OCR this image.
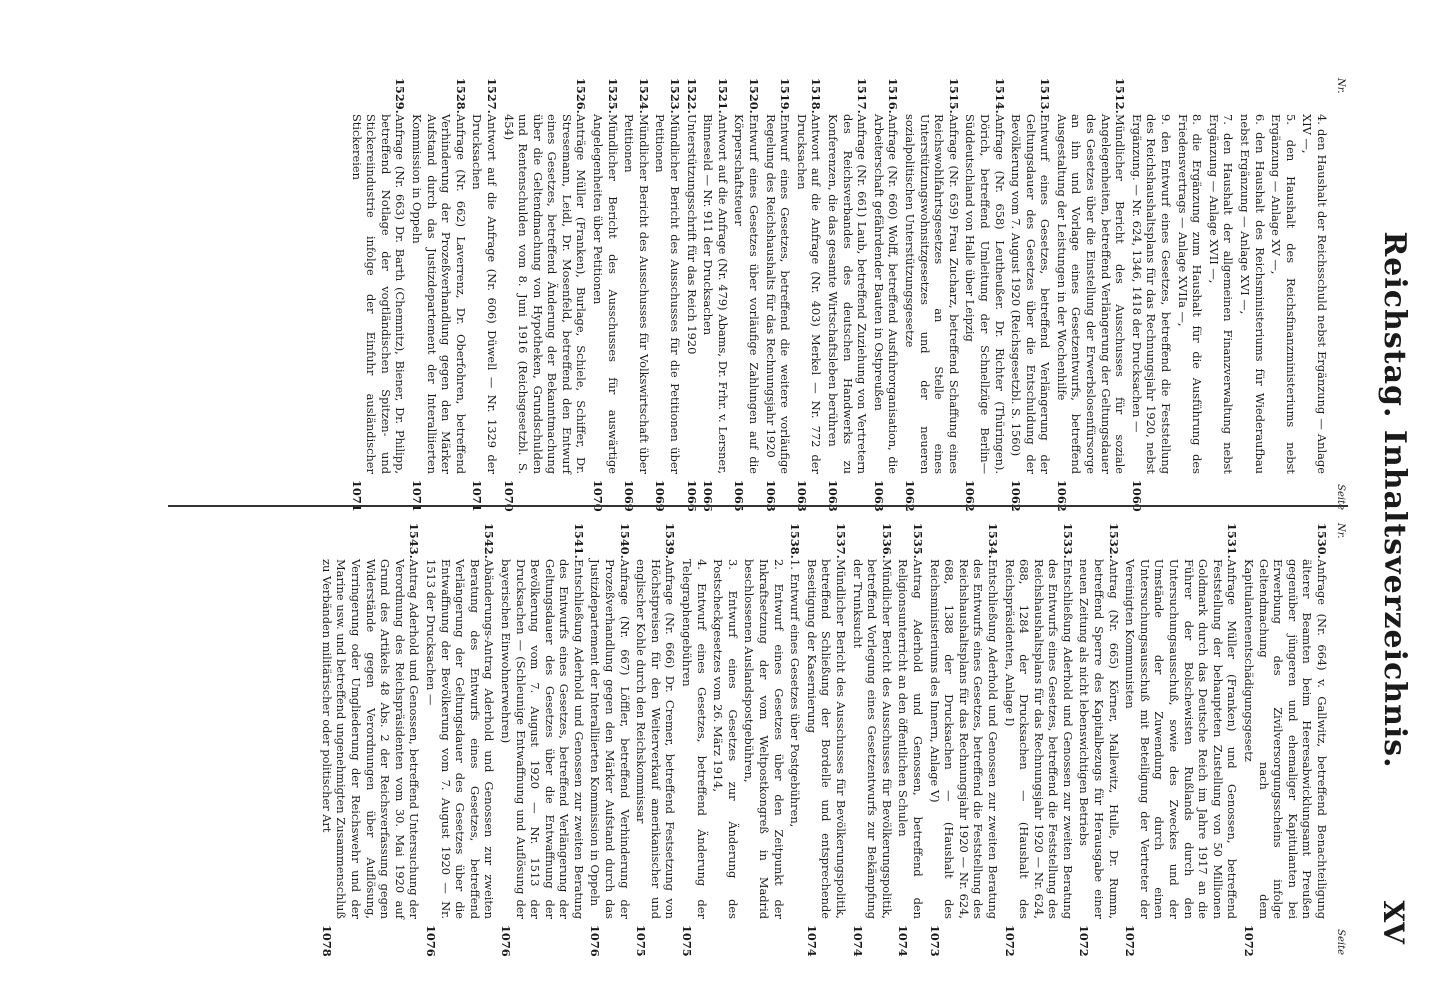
Reichstag. Inhaltsverzeichnis.
XV
Nr.
Seite
4. den Haushalt der Reichsschuld nebst Ergänzung — Anlage XIV —,
5. den Haushalt des Reichsfinanzministeriums nebst Ergänzung — Anlage XV —,
6. den Haushalt des Reichsministeriums für Wiederaufbau nebst Ergänzung — Anlage XVI —,
7. den Haushalt der allgemeinen Finanzverwaltung nebst Ergänzung — Anlage XVII —,
8. die Ergänzung zum Haushalt für die Ausführung des Friedensvertrags — Anlage XVIIa —,
9. den Entwurf eines Gesetzes, betreffend die Feststellung des Reichshaushaltsplans für das Rechnungsjahr 1920, nebst Ergänzung. — Nr. 624, 1346, 1418 der Drucksachen —
1060
1512.
Mündlicher Bericht des Ausschusses für soziale Angelegenheiten, betreffend Verlängerung der Geltungsdauer des Gesetzes über die Einstellung der Erwerbslosenfürsorge an ihn und Vorlage eines Gesetzentwurfs, betreffend Ausgestaltung der Leistungen in der Wochenhilfe
1062
1513.
Entwurf eines Gesetzes, betreffend Verlängerung der Geltungsdauer des Gesetzes über die Entschuldung der Bevölkerung vom 7. August 1920 (Reichsgesetzbl. S. 1560)
1062
1514.
Anfrage (Nr. 658) Leutheußer. Dr. Richter (Thüringen). Dörich, betreffend Umleitung der Schnellzüge Berlin—Süddeutschland von Halle über Leipzig
1062
1515.
Anfrage (Nr. 659) Frau Zucharz, betreffend Schaffung eines Reichswohlfahrtsgesetzes an Stelle eines Unterstützungswohnsitzgesetzes und der neueren sozialpolitischen Unterstützungsgesetze
1062
1516.
Anfrage (Nr. 660) Wolff, betreffend Ausfuhrorganisation, die Arbeiterschaft gefährdender Bauten in Ostpreußen
1063
1517.
Anfrage (Nr. 661) Laub, betreffend Zuziehung von Vertretern des Reichsverbandes des deutschen Handwerks zu Konferenzen, die das gesamte Wirtschaftsleben berühren
1063
1518.
Antwort auf die Anfrage (Nr. 403) Merkel — Nr. 772 der Drucksachen
1063
1519.
Entwurf eines Gesetzes, betreffend die weitere vorläufige Regelung des Reichshaushalts für das Rechnungsjahr 1920
1063
1520.
Entwurf eines Gesetzes über vorläufige Zahlungen auf die Körperschaftsteuer
1065
1521.
Antwort auf die Anfrage (Nr. 479) Abams, Dr. Frhr. v. Lersner, Binneseld — Nr. 911 der Drucksachen
1066
1522.
Unterstützungsschrift für das Reich 1920
1066
1523.
Mündlicher Bericht des Ausschusses für die Petitionen über Petitionen
1069
1524.
Mündlicher Bericht des Ausschusses für Volkswirtschaft über Petitionen
1069
1525.
Mündlicher Bericht des Ausschusses für auswärtige Angelegenheiten über Petitionen
1070
1526.
Anträge Müller (Franken), Burlage, Schiele, Schiffer, Dr. Stresemann, Leidl, Dr. Mosenfeld, betreffend den Entwurf eines Gesetzes, betreffend Änderung der Bekanntmachung über die Geltendmachung von Hypotheken, Grundschulden und Rentenschulden vom 8. Juni 1916 (Reichsgesetzbl. S. 454)
1070
1527.
Antwort auf die Anfrage (Nr. 606) Düwell — Nr. 1329 der Drucksachen
1071
1528.
Anfrage (Nr. 662) Laverrenz, Dr. Oberfohren, betreffend Verhinderung der Prozeßverhandlung gegen den Märker Aufstand durch das Justizdepartement der Interalliierten Kommission in Oppeln
1071
1529.
Anfrage (Nr. 663) Dr. Barth (Chemnitz), Biener, Dr. Philipp, betreffend Notlage der vogtländischen Spitzen- und Stickereiindustrie infolge der Einfuhr ausländischer Stickereien
1071
Nr.
Seite
1530.
Anfrage (Nr. 664) v. Gallwitz, betreffend Benachteiligung älterer Beamten beim Heeresabwicklungsamt Preußen gegenüber jüngeren und ehemaliger Kapitulanten bei Erwerbung des Zivilversorgungsscheins infolge Geltendmachung nach dem Kapitulantenentschädigungsgesetz
1072
1531.
Anfrage Müller (Franken) und Genossen, betreffend Feststellung der behaupteten Zustellung von 50 Millionen Goldmark durch das Deutsche Reich im Jahre 1917 an die Führer der Bolschewisten Rußlands durch den Untersuchungsausschuß, sowie des Zweckes und der Umstände der Zuwendung durch einen Untersuchungsausschuß mit Beteiligung der Vertreter der Vereinigten Kommunisten
1072
1532.
Antrag (Nr. 665) Körner, Mallewitz, Hulle, Dr. Rumm, betreffend Sperre des Kapitalbezugs für Herausgabe einer neuen Zeitung als nicht lebenswichtigen Betriebs
1072
1533.
Entschließung Aderhold und Genossen zur zweiten Beratung des Entwurfs eines Gesetzes, betreffend die Feststellung des Reichshaushaltsplans für das Rechnungsjahr 1920 — Nr. 624, 688, 1284 der Drucksachen — (Haushalt des Reichspräsidenten, Anlage I)
1072
1534.
Entschließung Aderhold und Genossen zur zweiten Beratung des Entwurfs eines Gesetzes, betreffend die Feststellung des Reichshaushaltsplans für das Rechnungsjahr 1920 — Nr. 624, 688, 1388 der Drucksachen — (Haushalt des Reichsministeriums des Innern, Anlage V)
1073
1535.
Antrag Aderhold und Genossen, betreffend den Religionsunterricht an den öffentlichen Schulen
1074
1536.
Mündlicher Bericht des Ausschusses für Bevölkerungspolitik, betreffend Vorlegung eines Gesetzentwurfs zur Bekämpfung der Trunksucht
1074
1537.
Mündlicher Bericht des Ausschusses für Bevölkerungspolitik, betreffend Schließung der Bordelle und entsprechende Beseitigung der Kasernierung
1074
1538.
1. Entwurf eines Gesetzes über Postgebühren,
2. Entwurf eines Gesetzes über den Zeitpunkt der Inkraftsetzung der vom Weltpostkongreß in Madrid beschlossenen Auslandspostgebühren,
3. Entwurf eines Gesetzes zur Änderung des Postscheckgesetzes vom 26. März 1914,
4. Entwurf eines Gesetzes, betreffend Änderung der Telegraphengebühren
1075
1539.
Anfrage (Nr. 666) Dr. Cremer, betreffend Festsetzung von Höchstpreisen für den Weiterverkauf amerikanischer und englischer Kohle durch den Reichskommissar
1075
1540.
Anfrage (Nr. 667) Löffler, betreffend Verhinderung der Prozeßverhandlung gegen den Märker Aufstand durch das Justizdepartement der Interalliierten Kommission in Oppeln
1076
1541.
Entschließung Aderhold und Genossen zur zweiten Beratung des Entwurfs eines Gesetzes, betreffend Verlängerung der Geltungsdauer des Gesetzes über die Entwaffnung der Bevölkerung vom 7. August 1920 — Nr. 1513 der Drucksachen — (Schleunige Entwaffnung und Auflösung der bayerischen Einwohnerwehren)
1076
1542.
Abänderungs-Antrag Aderhold und Genossen zur zweiten Beratung des Entwurfs eines Gesetzes, betreffend Verlängerung der Geltungsdauer des Gesetzes über die Entwaffnung der Bevölkerung vom 7. August 1920 — Nr. 1513 der Drucksachen —
1076
1543.
Antrag Aderhold und Genossen, betreffend Untersuchung der Verordnung des Reichspräsidenten vom 30. Mai 1920 auf Grund des Artikels 48 Abs. 2 der Reichsverfassung gegen Widerstände gegen Verordnungen über Auflösung, Verringerung oder Umgliederung der Reichswehr und der Marine usw. und betreffend ungenehmigten Zusammenschluß zu Verbänden militärischer oder politischer Art
1078
